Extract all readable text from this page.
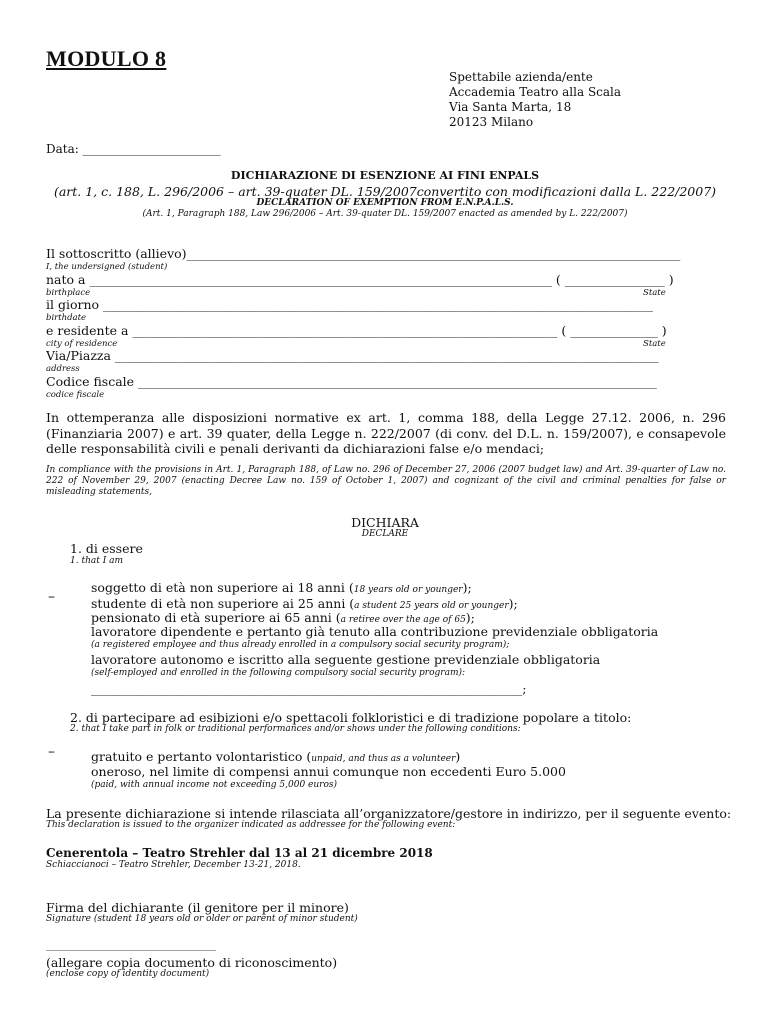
MODULO 8
Spettabile azienda/ente
Accademia Teatro alla Scala
Via Santa Marta, 18
20123 Milano
Data: _______________________
DICHIARAZIONE DI ESENZIONE AI FINI ENPALS
(art. 1, c. 188, L. 296/2006 – art. 39-quater DL. 159/2007convertito con modificazioni dalla L. 222/2007)
DECLARATION OF EXEMPTION FROM E.N.P.A.L.S.
(Art. 1, Paragraph 188, Law 296/2006 – Art. 39-quater DL. 159/2007 enacted as amended by L. 222/2007)
Il sottoscritto (allievo)_______________________________________________________________________________
I, the undersigned (student)
nato a __________________________________________________________________________ ( ________________ )
birthplace	State
il giorno ________________________________________________________________________________________
birthdate
e residente a ____________________________________________________________________ ( ______________ )
city of residence	State
Via/Piazza _______________________________________________________________________________________
address
Codice fiscale ___________________________________________________________________________________
codice fiscale
In ottemperanza alle disposizioni normative ex art. 1, comma 188, della Legge 27.12. 2006, n. 296 (Finanziaria 2007) e art. 39 quater, della Legge n. 222/2007 (di conv. del D.L. n. 159/2007), e consapevole delle responsabilità civili e penali derivanti da dichiarazioni false e/o mendaci;
In compliance with the provisions in Art. 1, Paragraph 188, of Law no. 296 of December 27, 2006 (2007 budget law) and Art. 39-quarter of Law no. 222 of November 29, 2007 (enacting Decree Law no. 159 of October 1, 2007) and cognizant of the civil and criminal penalties for false or misleading statements,
DICHIARA
DECLARE
1. di essere
1. that I am
–
soggetto di età non superiore ai 18 anni (18 years old or younger);
studente di età non superiore ai 25 anni (a student 25 years old or younger);
pensionato di età superiore ai 65 anni (a retiree over the age of 65);
lavoratore dipendente e pertanto già tenuto alla contribuzione previdenziale obbligatoria
(a registered employee and thus already enrolled in a compulsory social security program);
lavoratore autonomo e iscritto alla seguente gestione previdenziale obbligatoria
(self-employed and enrolled in the following compulsory social security program):
_____________________________________________________________________;
2. di partecipare ad esibizioni e/o spettacoli folkloristici e di tradizione popolare a titolo:
2. that I take part in folk or traditional performances and/or shows under the following conditions:
–	gratuito e pertanto volontaristico (unpaid, and thus as a volunteer)
oneroso, nel limite di compensi annui comunque non eccedenti Euro 5.000
(paid, with annual income not exceeding 5,000 euros)
La presente dichiarazione si intende rilasciata all’organizzatore/gestore in indirizzo, per il seguente evento:
This declaration is issued to the organizer indicated as addressee for the following event:
Cenerentola – Teatro Strehler dal 13 al 21 dicembre 2018
Schiaccianoci – Teatro Strehler, December 13-21, 2018.
Firma del dichiarante (il genitore per il minore)
Signature (student 18 years old or older or parent of minor student)
__________________________________
(allegare copia documento di riconoscimento)
(enclose copy of identity document)
